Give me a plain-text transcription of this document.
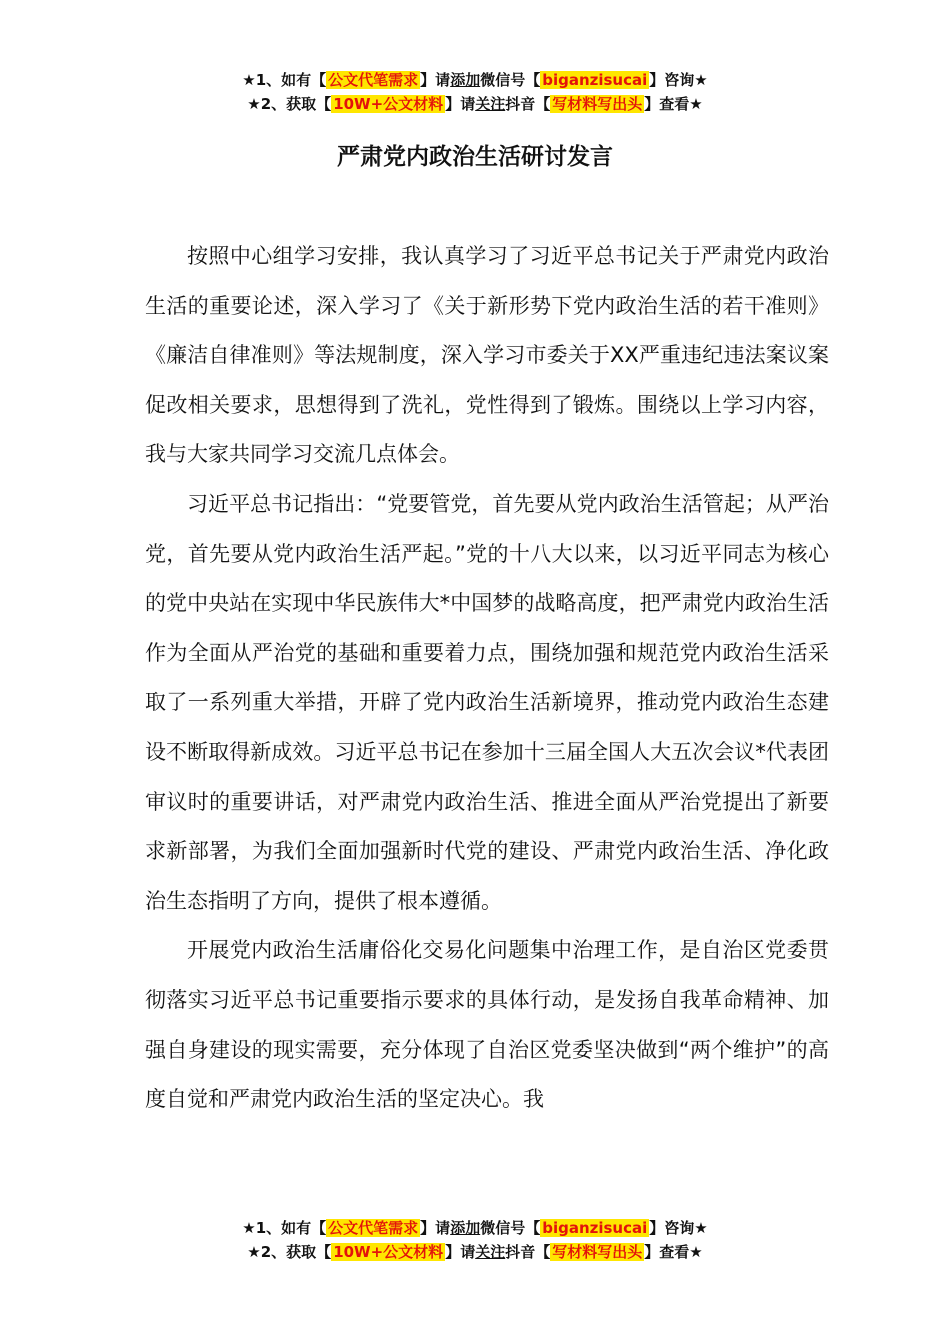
★1、如有【 公文代笔需求 】请添加微信号【 biganzisucai 】咨询★
★2、获取【 10W+公文材料 】请关注抖音【 写材料写出头 】查看★
严肃党内政治生活研讨发言

按照中心组学习安排，我认真学习了习近平总书记关于严肃党内政治生活的重要论述，深入学习了《关于新形势下党内政治生活的若干准则》《廉洁自律准则》等法规制度，深入学习市委关于XX严重违纪违法案议案促改相关要求，思想得到了洗礼，党性得到了锻炼。围绕以上学习内容，我与大家共同学习交流几点体会。

习近平总书记指出：“党要管党，首先要从党内政治生活管起；从严治党，首先要从党内政治生活严起。”党的十八大以来，以习近平同志为核心的党中央站在实现中华民族伟大*中国梦的战略高度，把严肃党内政治生活作为全面从严治党的基础和重要着力点，围绕加强和规范党内政治生活采取了一系列重大举措，开辟了党内政治生活新境界，推动党内政治生态建设不断取得新成效。习近平总书记在参加十三届全国人大五次会议*代表团审议时的重要讲话，对严肃党内政治生活、推进全面从严治党提出了新要求新部署，为我们全面加强新时代党的建设、严肃党内政治生活、净化政治生态指明了方向，提供了根本遵循。

开展党内政治生活庸俗化交易化问题集中治理工作，是自治区党委贯彻落实习近平总书记重要指示要求的具体行动，是发扬自我革命精神、加强自身建设的现实需要，充分体现了自治区党委坚决做到“两个维护”的高度自觉和严肃党内政治生活的坚定决心。我

★1、如有【 公文代笔需求 】请添加微信号【 biganzisucai 】咨询★
★2、获取【 10W+公文材料 】请关注抖音【 写材料写出头 】查看★
